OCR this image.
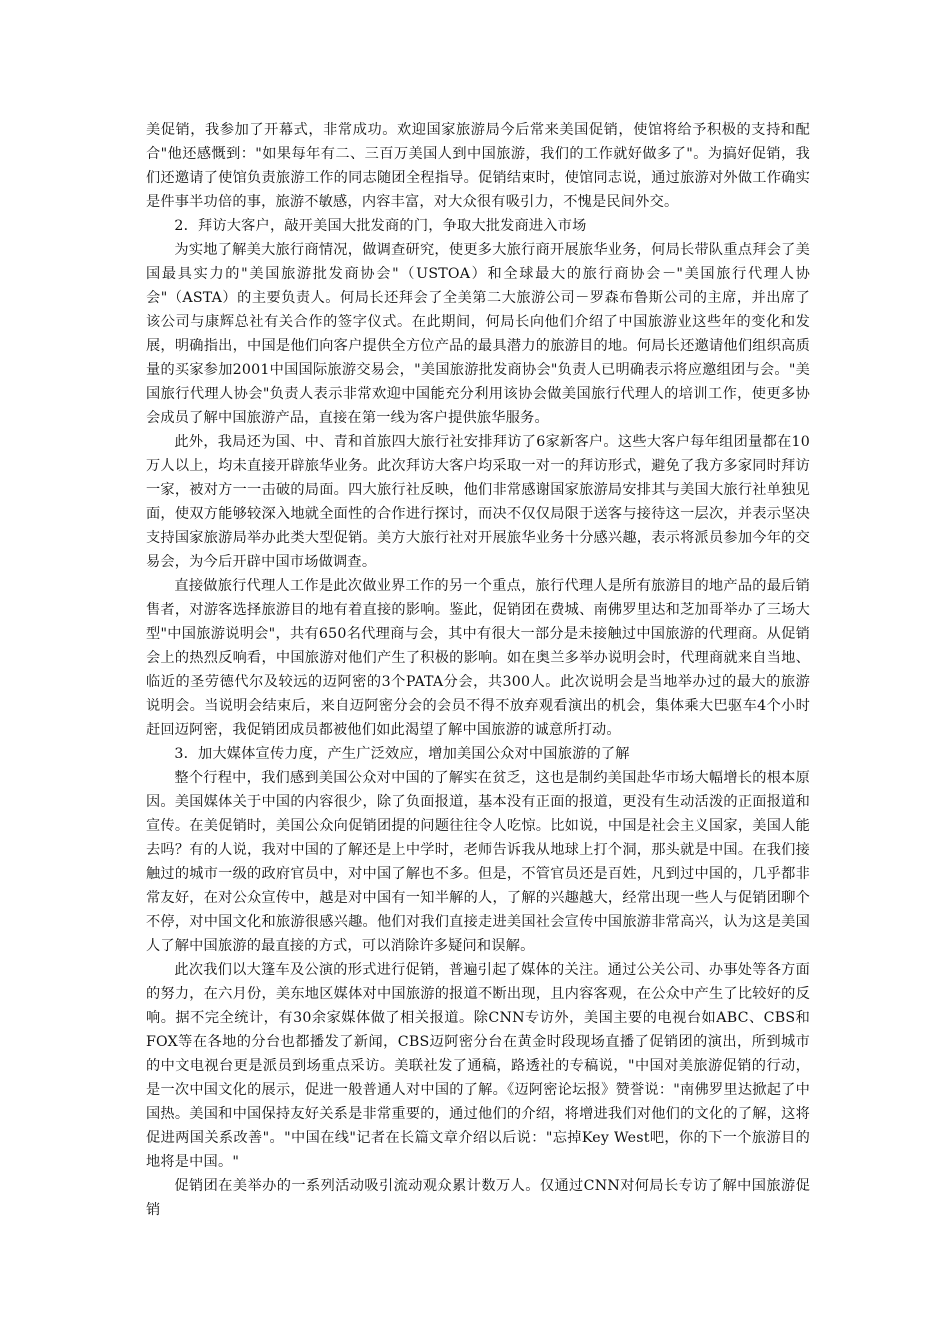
美促销，我参加了开幕式，非常成功。欢迎国家旅游局今后常来美国促销，使馆将给予积极的支持和配合"他还感慨到："如果每年有二、三百万美国人到中国旅游，我们的工作就好做多了"。为搞好促销，我们还邀请了使馆负责旅游工作的同志随团全程指导。促销结束时，使馆同志说，通过旅游对外做工作确实是件事半功倍的事，旅游不敏感，内容丰富，对大众很有吸引力，不愧是民间外交。

2．拜访大客户，敲开美国大批发商的门，争取大批发商进入市场

为实地了解美大旅行商情况，做调查研究，使更多大旅行商开展旅华业务，何局长带队重点拜会了美国最具实力的"美国旅游批发商协会"（USTOA）和全球最大的旅行商协会－"美国旅行代理人协会"（ASTA）的主要负责人。何局长还拜会了全美第二大旅游公司－罗森布鲁斯公司的主席，并出席了该公司与康辉总社有关合作的签字仪式。在此期间，何局长向他们介绍了中国旅游业这些年的变化和发展，明确指出，中国是他们向客户提供全方位产品的最具潜力的旅游目的地。何局长还邀请他们组织高质量的买家参加2001中国国际旅游交易会，"美国旅游批发商协会"负责人已明确表示将应邀组团与会。"美国旅行代理人协会"负责人表示非常欢迎中国能充分利用该协会做美国旅行代理人的培训工作，使更多协会成员了解中国旅游产品，直接在第一线为客户提供旅华服务。

此外，我局还为国、中、青和首旅四大旅行社安排拜访了6家新客户。这些大客户每年组团量都在10万人以上，均未直接开辟旅华业务。此次拜访大客户均采取一对一的拜访形式，避免了我方多家同时拜访一家，被对方一一击破的局面。四大旅行社反映，他们非常感谢国家旅游局安排其与美国大旅行社单独见面，使双方能够较深入地就全面性的合作进行探讨，而决不仅仅局限于送客与接待这一层次，并表示坚决支持国家旅游局举办此类大型促销。美方大旅行社对开展旅华业务十分感兴趣，表示将派员参加今年的交易会，为今后开辟中国市场做调查。

直接做旅行代理人工作是此次做业界工作的另一个重点，旅行代理人是所有旅游目的地产品的最后销售者，对游客选择旅游目的地有着直接的影响。鉴此，促销团在费城、南佛罗里达和芝加哥举办了三场大型"中国旅游说明会"，共有650名代理商与会，其中有很大一部分是未接触过中国旅游的代理商。从促销会上的热烈反响看，中国旅游对他们产生了积极的影响。如在奥兰多举办说明会时，代理商就来自当地、临近的圣劳德代尔及较远的迈阿密的3个PATA分会，共300人。此次说明会是当地举办过的最大的旅游说明会。当说明会结束后，来自迈阿密分会的会员不得不放弃观看演出的机会，集体乘大巴驱车4个小时赶回迈阿密，我促销团成员都被他们如此渴望了解中国旅游的诚意所打动。

3．加大媒体宣传力度，产生广泛效应，增加美国公众对中国旅游的了解

整个行程中，我们感到美国公众对中国的了解实在贫乏，这也是制约美国赴华市场大幅增长的根本原因。美国媒体关于中国的内容很少，除了负面报道，基本没有正面的报道，更没有生动活泼的正面报道和宣传。在美促销时，美国公众向促销团提的问题往往令人吃惊。比如说，中国是社会主义国家，美国人能去吗？有的人说，我对中国的了解还是上中学时，老师告诉我从地球上打个洞，那头就是中国。在我们接触过的城市一级的政府官员中，对中国了解也不多。但是，不管官员还是百姓，凡到过中国的，几乎都非常友好，在对公众宣传中，越是对中国有一知半解的人，了解的兴趣越大，经常出现一些人与促销团聊个不停，对中国文化和旅游很感兴趣。他们对我们直接走进美国社会宣传中国旅游非常高兴，认为这是美国人了解中国旅游的最直接的方式，可以消除许多疑问和误解。

此次我们以大篷车及公演的形式进行促销，普遍引起了媒体的关注。通过公关公司、办事处等各方面的努力，在六月份，美东地区媒体对中国旅游的报道不断出现，且内容客观，在公众中产生了比较好的反响。据不完全统计，有30余家媒体做了相关报道。除CNN专访外，美国主要的电视台如ABC、CBS和FOX等在各地的分台也都播发了新闻，CBS迈阿密分台在黄金时段现场直播了促销团的演出，所到城市的中文电视台更是派员到场重点采访。美联社发了通稿，路透社的专稿说，"中国对美旅游促销的行动，是一次中国文化的展示，促进一般普通人对中国的了解。《迈阿密论坛报》赞誉说："南佛罗里达掀起了中国热。美国和中国保持友好关系是非常重要的，通过他们的介绍，将增进我们对他们的文化的了解，这将促进两国关系改善"。"中国在线"记者在长篇文章介绍以后说："忘掉Key West吧，你的下一个旅游目的地将是中国。"

促销团在美举办的一系列活动吸引流动观众累计数万人。仅通过CNN对何局长专访了解中国旅游促销
